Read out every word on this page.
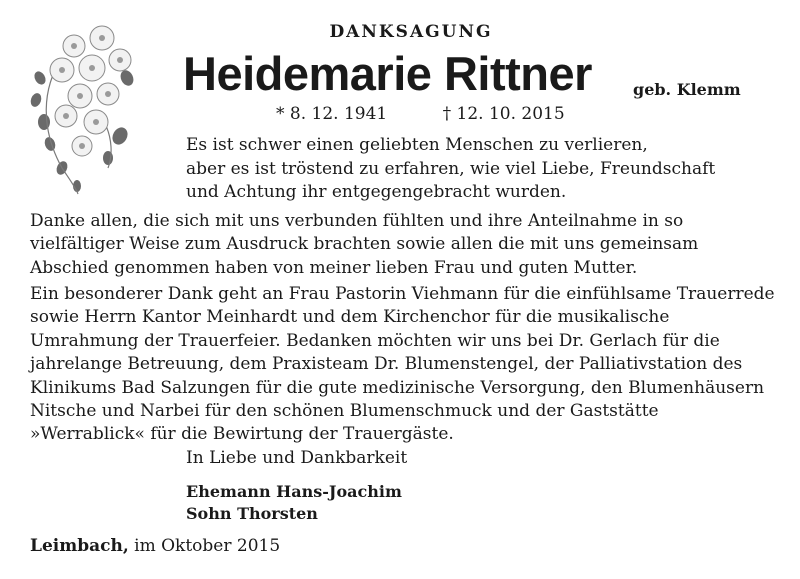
DANKSAGUNG
Heidemarie Rittner	geb. Klemm
* 8. 12. 1941	† 12. 10. 2015
Es ist schwer einen geliebten Menschen zu verlieren,
aber es ist tröstend zu erfahren, wie viel Liebe, Freundschaft
und Achtung ihr entgegengebracht wurden.
Danke allen, die sich mit uns verbunden fühlten und ihre Anteilnahme in so
vielfältiger Weise zum Ausdruck brachten sowie allen die mit uns gemeinsam
Abschied genommen haben von meiner lieben Frau und guten Mutter.
Ein besonderer Dank geht an Frau Pastorin Viehmann für die einfühlsame Trauerrede
sowie Herrn Kantor Meinhardt und dem Kirchenchor für die musikalische
Umrahmung der Trauerfeier. Bedanken möchten wir uns bei Dr. Gerlach für die
jahrelange Betreuung, dem Praxisteam Dr. Blumenstengel, der Palliativstation des
Klinikums Bad Salzungen für die gute medizinische Versorgung, den Blumenhäusern
Nitsche und Narbei für den schönen Blumenschmuck und der Gaststätte
»Werrablick« für die Bewirtung der Trauergäste.
In Liebe und Dankbarkeit
Ehemann Hans-Joachim
Sohn Thorsten
Leimbach, im Oktober 2015
